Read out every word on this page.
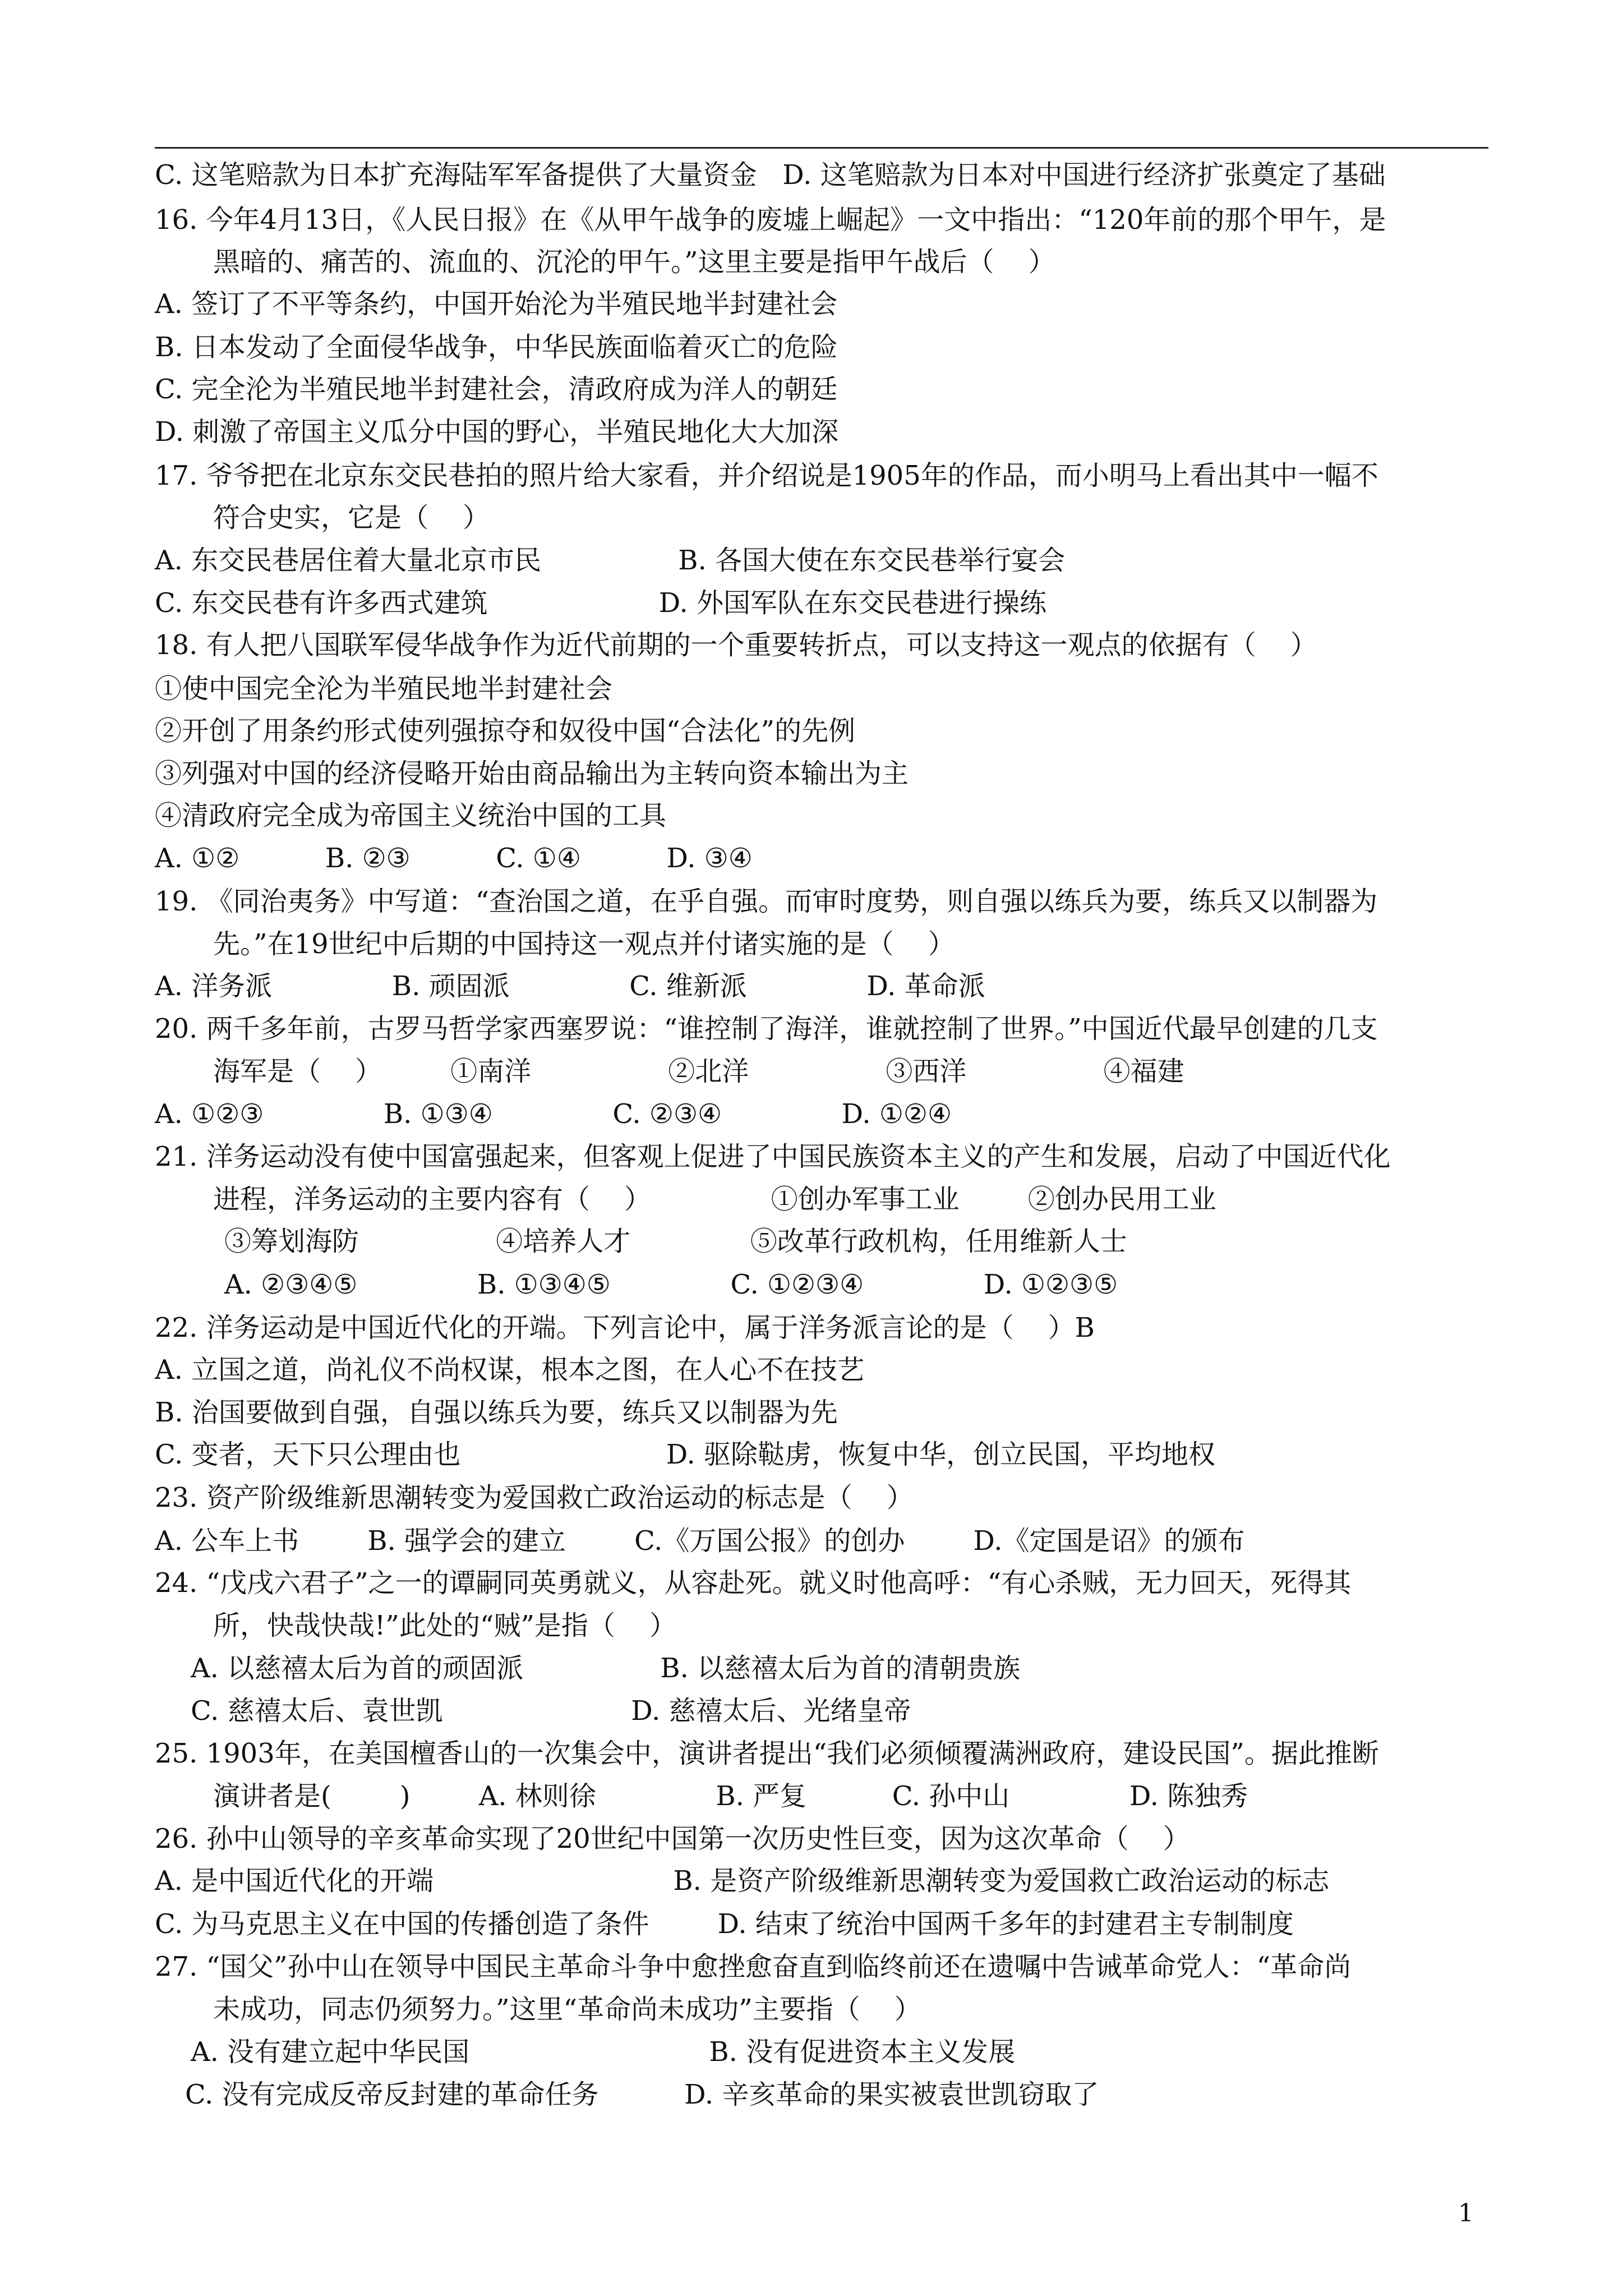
C. 这笔赔款为日本扩充海陆军军备提供了大量资金   D. 这笔赔款为日本对中国进行经济扩张奠定了基础
16. 今年4月13日，《人民日报》在《从甲午战争的废墟上崛起》一文中指出：“120年前的那个甲午，是
黑暗的、痛苦的、流血的、沉沦的甲午。”这里主要是指甲午战后（    ）
A. 签订了不平等条约，中国开始沦为半殖民地半封建社会
B. 日本发动了全面侵华战争，中华民族面临着灭亡的危险
C. 完全沦为半殖民地半封建社会，清政府成为洋人的朝廷
D. 刺激了帝国主义瓜分中国的野心，半殖民地化大大加深
17. 爷爷把在北京东交民巷拍的照片给大家看，并介绍说是1905年的作品，而小明马上看出其中一幅不
符合史实，它是（    ）
A. 东交民巷居住着大量北京市民                B. 各国大使在东交民巷举行宴会
C. 东交民巷有许多西式建筑                    D. 外国军队在东交民巷进行操练
18. 有人把八国联军侵华战争作为近代前期的一个重要转折点，可以支持这一观点的依据有（    ）
①使中国完全沦为半殖民地半封建社会
②开创了用条约形式使列强掠夺和奴役中国“合法化”的先例
③列强对中国的经济侵略开始由商品输出为主转向资本输出为主
④清政府完全成为帝国主义统治中国的工具
A. ①②          B. ②③          C. ①④          D. ③④
19. 《同治夷务》中写道：“查治国之道，在乎自强。而审时度势，则自强以练兵为要，练兵又以制器为
先。”在19世纪中后期的中国持这一观点并付诸实施的是（    ）
A. 洋务派              B. 顽固派              C. 维新派              D. 革命派
20. 两千多年前，古罗马哲学家西塞罗说：“谁控制了海洋，谁就控制了世界。”中国近代最早创建的几支
海军是（    ）        ①南洋                ②北洋                ③西洋                ④福建
A. ①②③              B. ①③④              C. ②③④              D. ①②④
21. 洋务运动没有使中国富强起来，但客观上促进了中国民族资本主义的产生和发展，启动了中国近代化
进程，洋务运动的主要内容有（    ）              ①创办军事工业        ②创办民用工业
③筹划海防                ④培养人才              ⑤改革行政机构，任用维新人士
A. ②③④⑤              B. ①③④⑤              C. ①②③④              D. ①②③⑤
22. 洋务运动是中国近代化的开端。下列言论中，属于洋务派言论的是（    ）B
A. 立国之道，尚礼仪不尚权谋，根本之图，在人心不在技艺
B. 治国要做到自强，自强以练兵为要，练兵又以制器为先
C. 变者，天下只公理由也                        D. 驱除鞑虏，恢复中华，创立民国，平均地权
23. 资产阶级维新思潮转变为爱国救亡政治运动的标志是（    ）
A. 公车上书        B. 强学会的建立        C.《万国公报》的创办        D.《定国是诏》的颁布
24. “戊戌六君子”之一的谭嗣同英勇就义，从容赴死。就义时他高呼：“有心杀贼，无力回天，死得其
所，快哉快哉!”此处的“贼”是指（    ）
A. 以慈禧太后为首的顽固派                B. 以慈禧太后为首的清朝贵族
C. 慈禧太后、袁世凯                      D. 慈禧太后、光绪皇帝
25. 1903年，在美国檀香山的一次集会中，演讲者提出“我们必须倾覆满洲政府，建设民国”。据此推断
演讲者是(        )        A. 林则徐              B. 严复          C. 孙中山              D. 陈独秀
26. 孙中山领导的辛亥革命实现了20世纪中国第一次历史性巨变，因为这次革命（    ）
A. 是中国近代化的开端                            B. 是资产阶级维新思潮转变为爱国救亡政治运动的标志
C. 为马克思主义在中国的传播创造了条件        D. 结束了统治中国两千多年的封建君主专制制度
27. “国父”孙中山在领导中国民主革命斗争中愈挫愈奋直到临终前还在遗嘱中告诫革命党人：“革命尚
未成功，同志仍须努力。”这里“革命尚未成功”主要指（    ）
A. 没有建立起中华民国                            B. 没有促进资本主义发展
C. 没有完成反帝反封建的革命任务          D. 辛亥革命的果实被袁世凯窃取了
1
